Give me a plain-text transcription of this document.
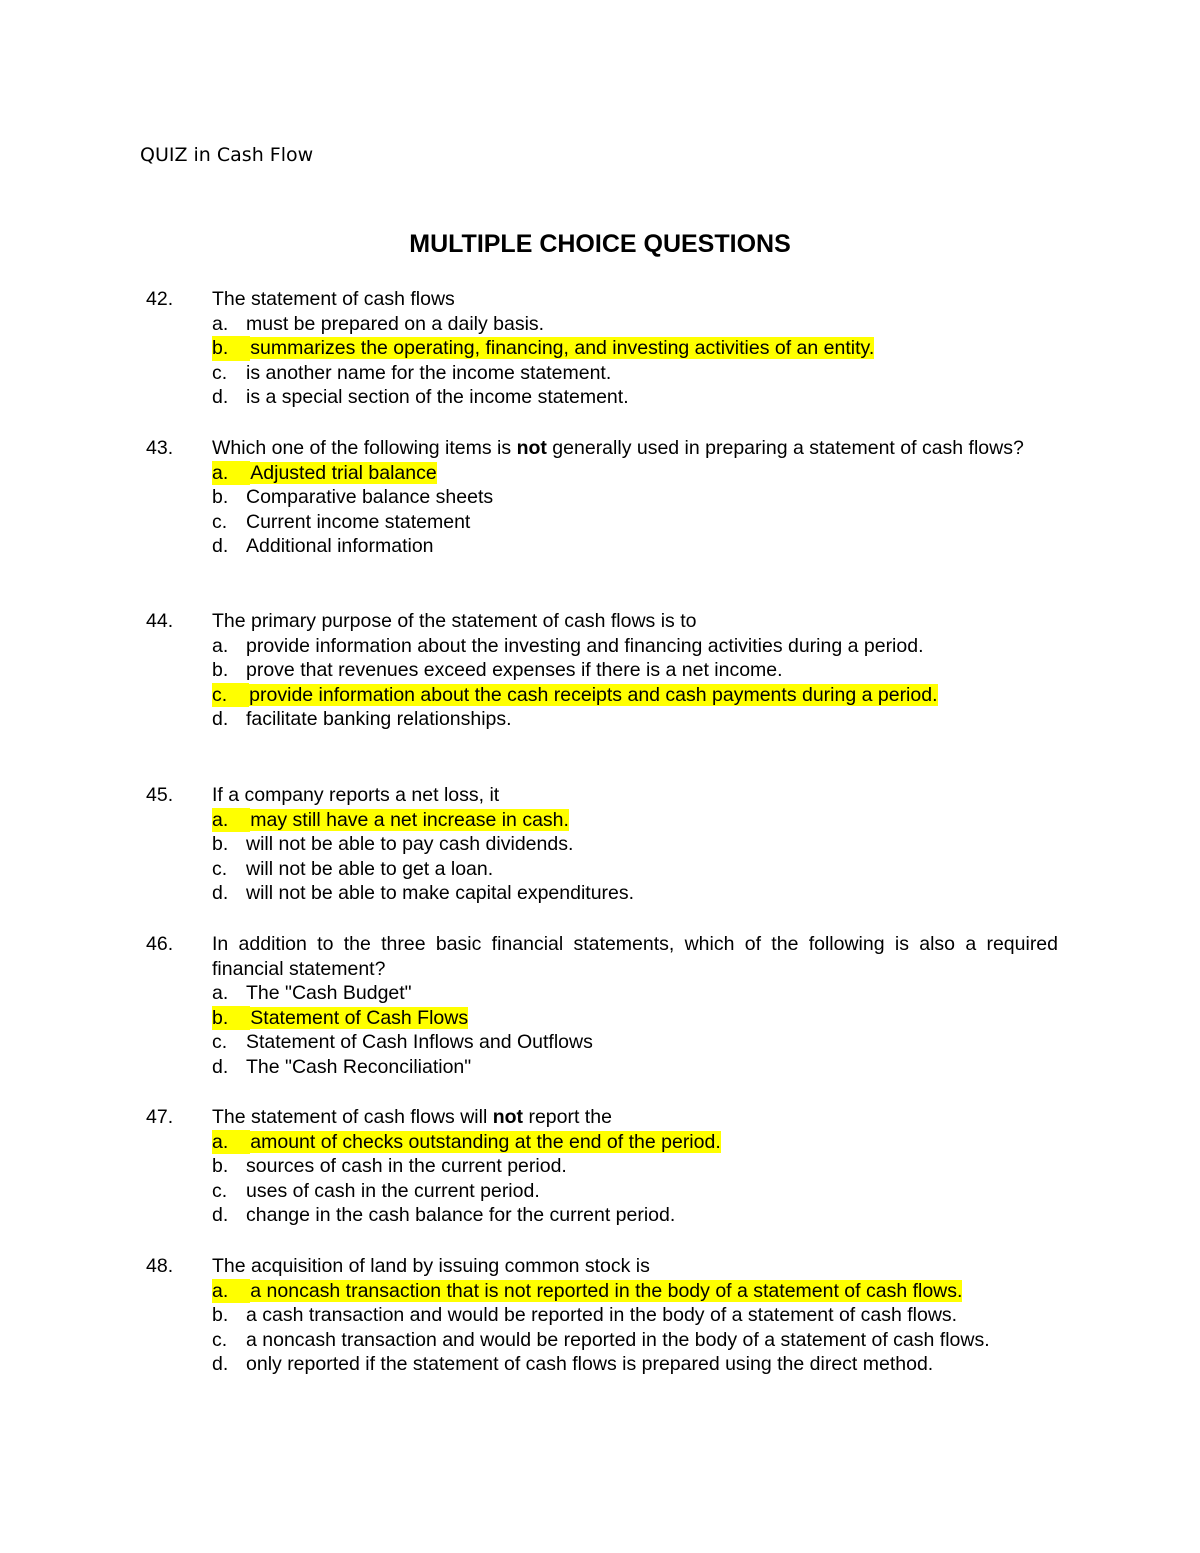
QUIZ in Cash Flow
MULTIPLE CHOICE QUESTIONS
42.	The statement of cash flows
a. must be prepared on a daily basis.
b.	summarizes the operating, financing, and investing activities of an entity.
c. is another name for the income statement.
d. is a special section of the income statement.
43.	Which one of the following items is not generally used in preparing a statement of cash flows?
a.	Adjusted trial balance
b. Comparative balance sheets
c. Current income statement
d. Additional information
44.	The primary purpose of the statement of cash flows is to
a. provide information about the investing and financing activities during a period.
b. prove that revenues exceed expenses if there is a net income.
c.	provide information about the cash receipts and cash payments during a period.
d. facilitate banking relationships.
45.	If a company reports a net loss, it
a.	may still have a net increase in cash.
b. will not be able to pay cash dividends.
c. will not be able to get a loan.
d. will not be able to make capital expenditures.
46.	In addition to the three basic financial statements, which of the following is also a required financial statement?
a. The "Cash Budget"
b.	Statement of Cash Flows
c. Statement of Cash Inflows and Outflows
d. The "Cash Reconciliation"
47.	The statement of cash flows will not report the
a.	amount of checks outstanding at the end of the period.
b. sources of cash in the current period.
c. uses of cash in the current period.
d. change in the cash balance for the current period.
48.	The acquisition of land by issuing common stock is
a.	a noncash transaction that is not reported in the body of a statement of cash flows.
b. a cash transaction and would be reported in the body of a statement of cash flows.
c. a noncash transaction and would be reported in the body of a statement of cash flows.
d. only reported if the statement of cash flows is prepared using the direct method.
